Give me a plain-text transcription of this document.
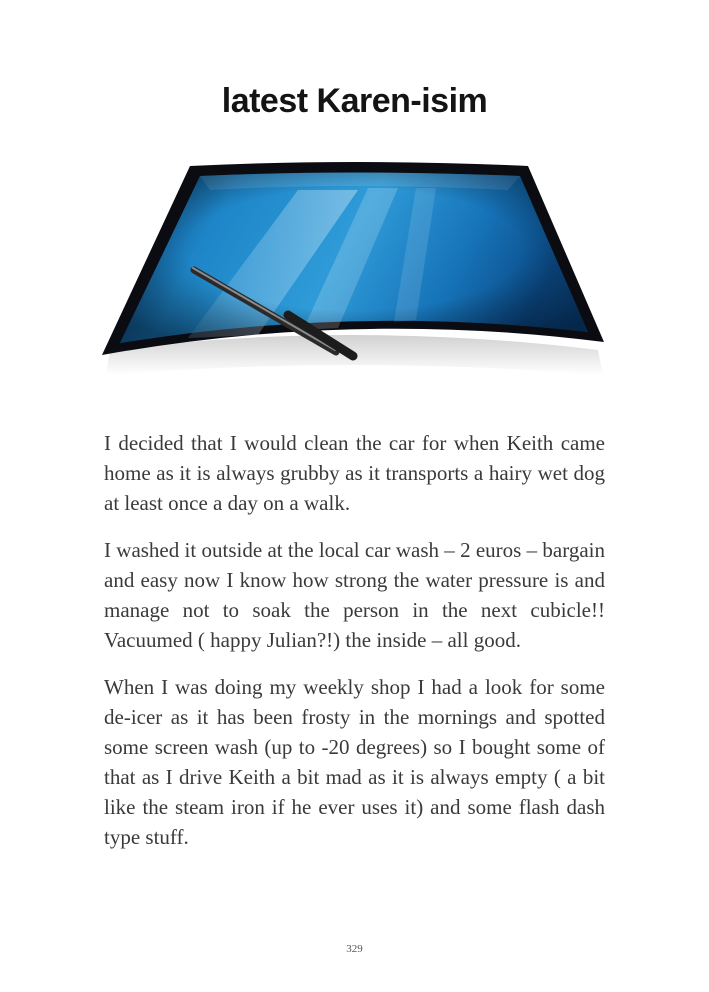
latest Karen-isim

I decided that I would clean the car for when Keith came home as it is always grubby as it transports a hairy wet dog at least once a day on a walk.

I washed it outside at the local car wash – 2 euros – bargain and easy now I know how strong the water pressure is and manage not to soak the person in the next cubicle!! Vacuumed ( happy Julian?!) the inside – all good.

When I was doing my weekly shop I had a look for some de-icer as it has been frosty in the mornings and spotted some screen wash (up to -20 degrees) so I bought some of that as I drive Keith a bit mad as it is always empty ( a bit like the steam iron if he ever uses it) and some flash dash type stuff.

329
